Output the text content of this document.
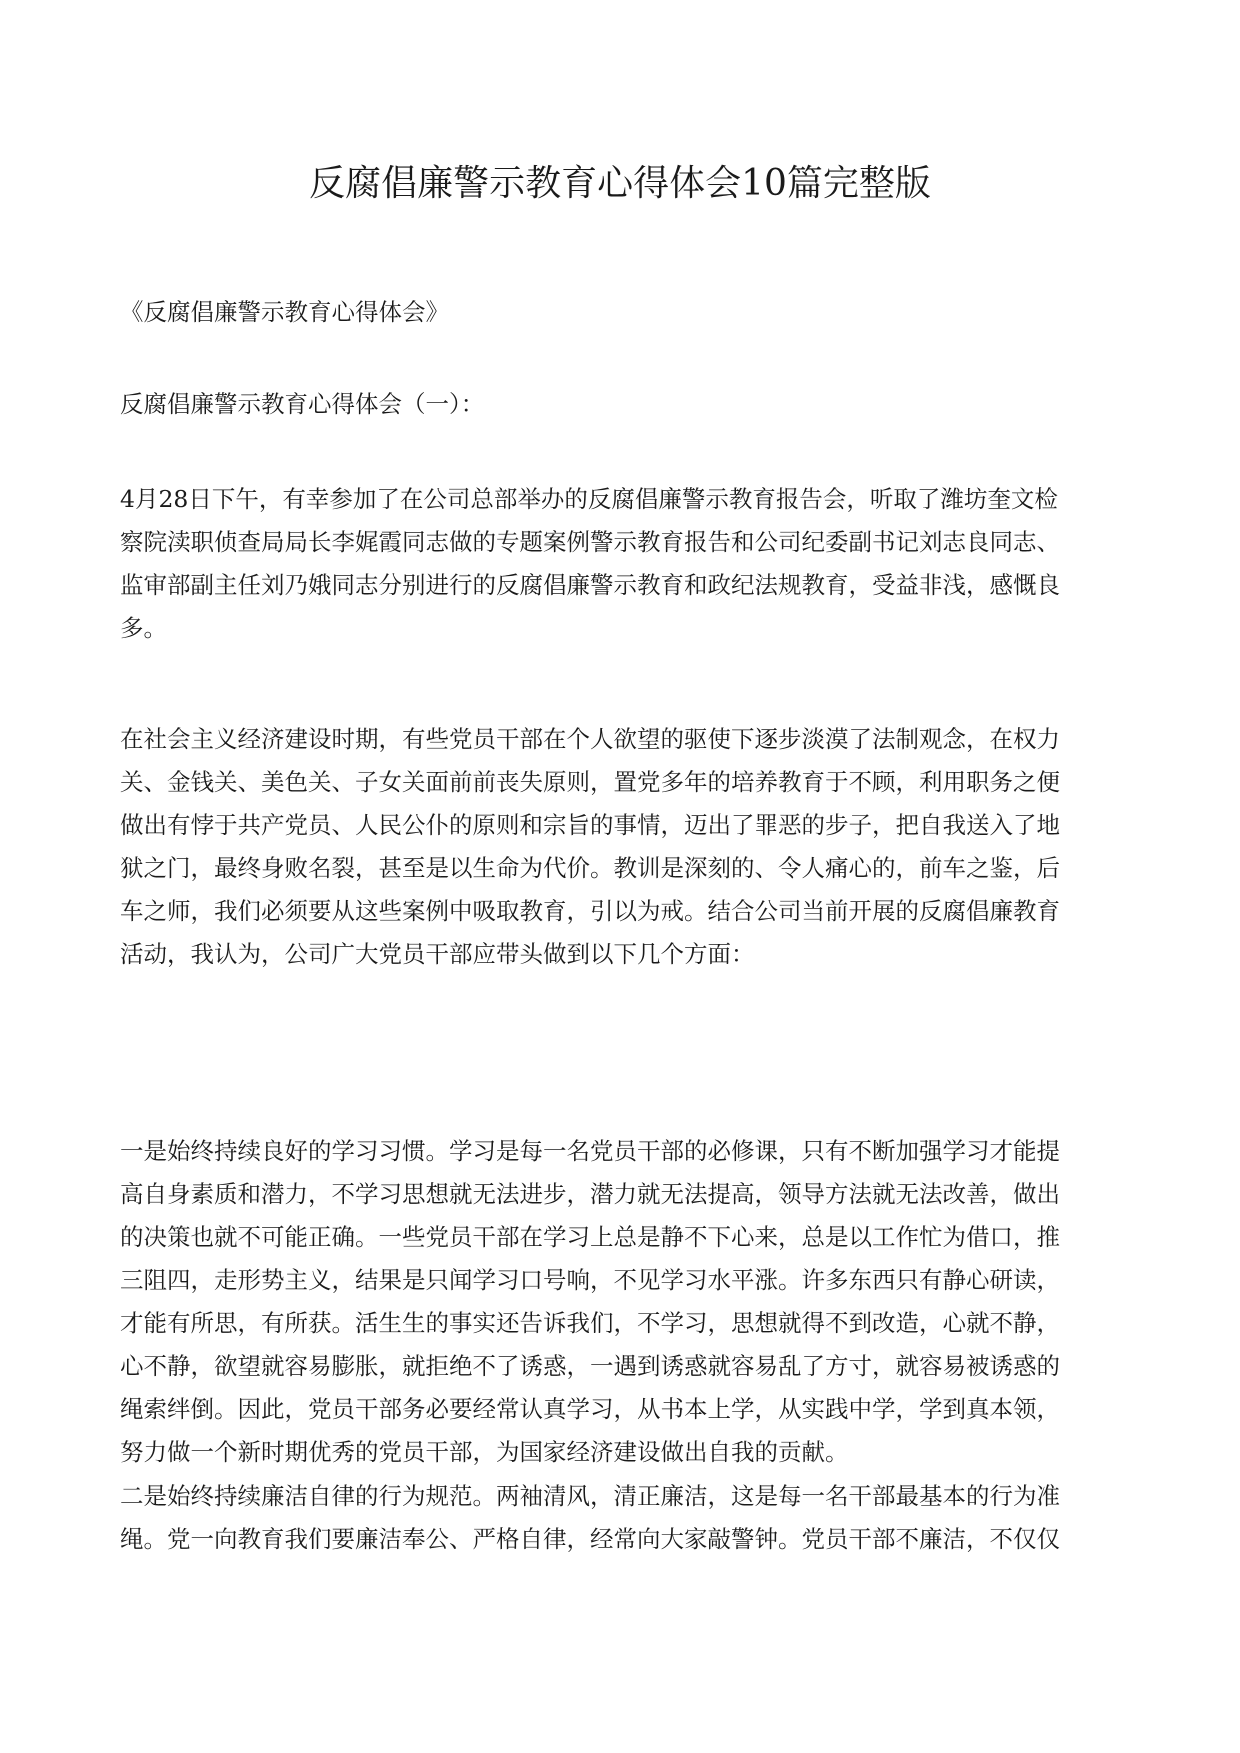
反腐倡廉警示教育心得体会10篇完整版

《反腐倡廉警示教育心得体会》

反腐倡廉警示教育心得体会（一）：

4月28日下午，有幸参加了在公司总部举办的反腐倡廉警示教育报告会，听取了潍坊奎文检
察院渎职侦查局局长李娓霞同志做的专题案例警示教育报告和公司纪委副书记刘志良同志、
监审部副主任刘乃娥同志分别进行的反腐倡廉警示教育和政纪法规教育，受益非浅，感慨良
多。

在社会主义经济建设时期，有些党员干部在个人欲望的驱使下逐步淡漠了法制观念，在权力
关、金钱关、美色关、子女关面前前丧失原则，置党多年的培养教育于不顾，利用职务之便
做出有悖于共产党员、人民公仆的原则和宗旨的事情，迈出了罪恶的步子，把自我送入了地
狱之门，最终身败名裂，甚至是以生命为代价。教训是深刻的、令人痛心的，前车之鉴，后
车之师，我们必须要从这些案例中吸取教育，引以为戒。结合公司当前开展的反腐倡廉教育
活动，我认为，公司广大党员干部应带头做到以下几个方面：

一是始终持续良好的学习习惯。学习是每一名党员干部的必修课，只有不断加强学习才能提
高自身素质和潜力，不学习思想就无法进步，潜力就无法提高，领导方法就无法改善，做出
的决策也就不可能正确。一些党员干部在学习上总是静不下心来，总是以工作忙为借口，推
三阻四，走形势主义，结果是只闻学习口号响，不见学习水平涨。许多东西只有静心研读，
才能有所思，有所获。活生生的事实还告诉我们，不学习，思想就得不到改造，心就不静，
心不静，欲望就容易膨胀，就拒绝不了诱惑，一遇到诱惑就容易乱了方寸，就容易被诱惑的
绳索绊倒。因此，党员干部务必要经常认真学习，从书本上学，从实践中学，学到真本领，
努力做一个新时期优秀的党员干部，为国家经济建设做出自我的贡献。

二是始终持续廉洁自律的行为规范。两袖清风，清正廉洁，这是每一名干部最基本的行为准
绳。党一向教育我们要廉洁奉公、严格自律，经常向大家敲警钟。党员干部不廉洁，不仅仅
